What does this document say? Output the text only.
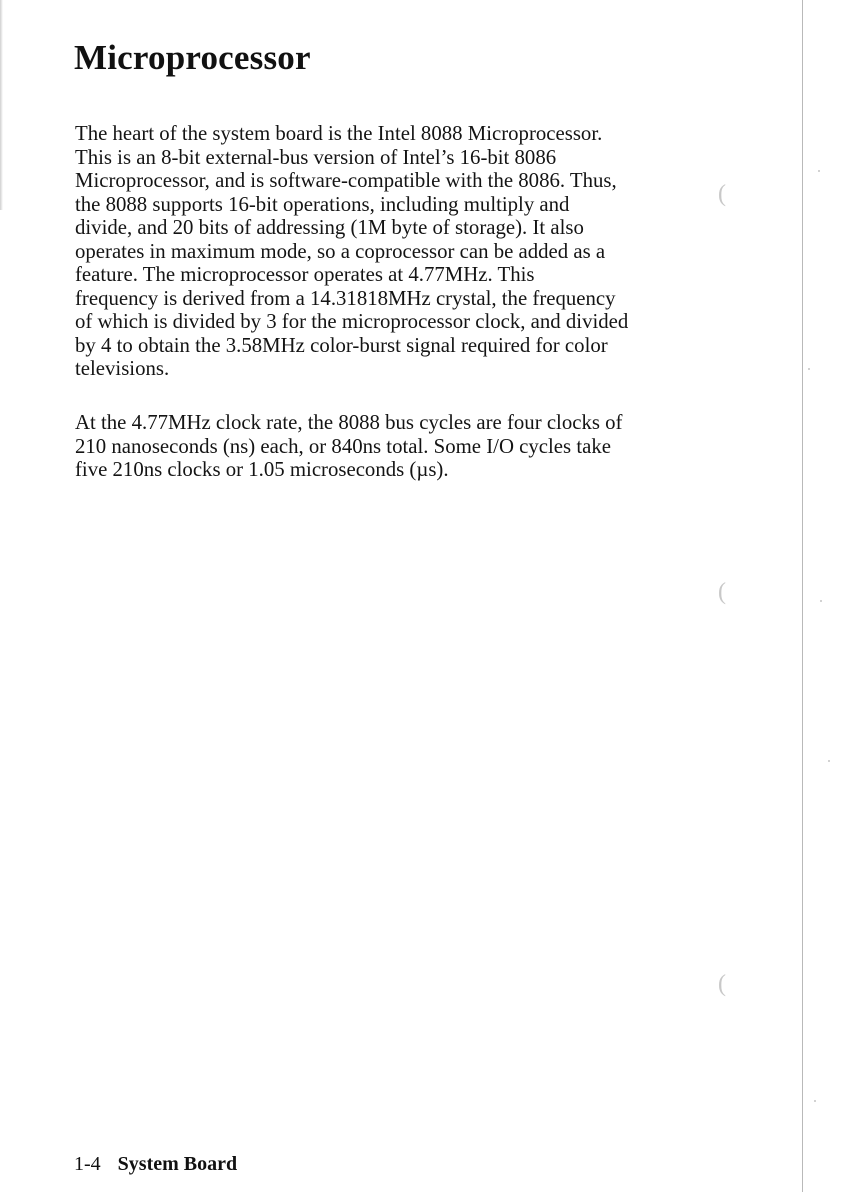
(
(
(
Microprocessor

The heart of the system board is the Intel 8088 Microprocessor.
This is an 8-bit external-bus version of Intel’s 16-bit 8086
Microprocessor, and is software-compatible with the 8086. Thus,
the 8088 supports 16-bit operations, including multiply and
divide, and 20 bits of addressing (1M byte of storage). It also
operates in maximum mode, so a coprocessor can be added as a
feature. The microprocessor operates at 4.77MHz. This
frequency is derived from a 14.31818MHz crystal, the frequency
of which is divided by 3 for the microprocessor clock, and divided
by 4 to obtain the 3.58MHz color-burst signal required for color
televisions.

At the 4.77MHz clock rate, the 8088 bus cycles are four clocks of
210 nanoseconds (ns) each, or 840ns total. Some I/O cycles take
five 210ns clocks or 1.05 microseconds (µs).

1-4 System Board
